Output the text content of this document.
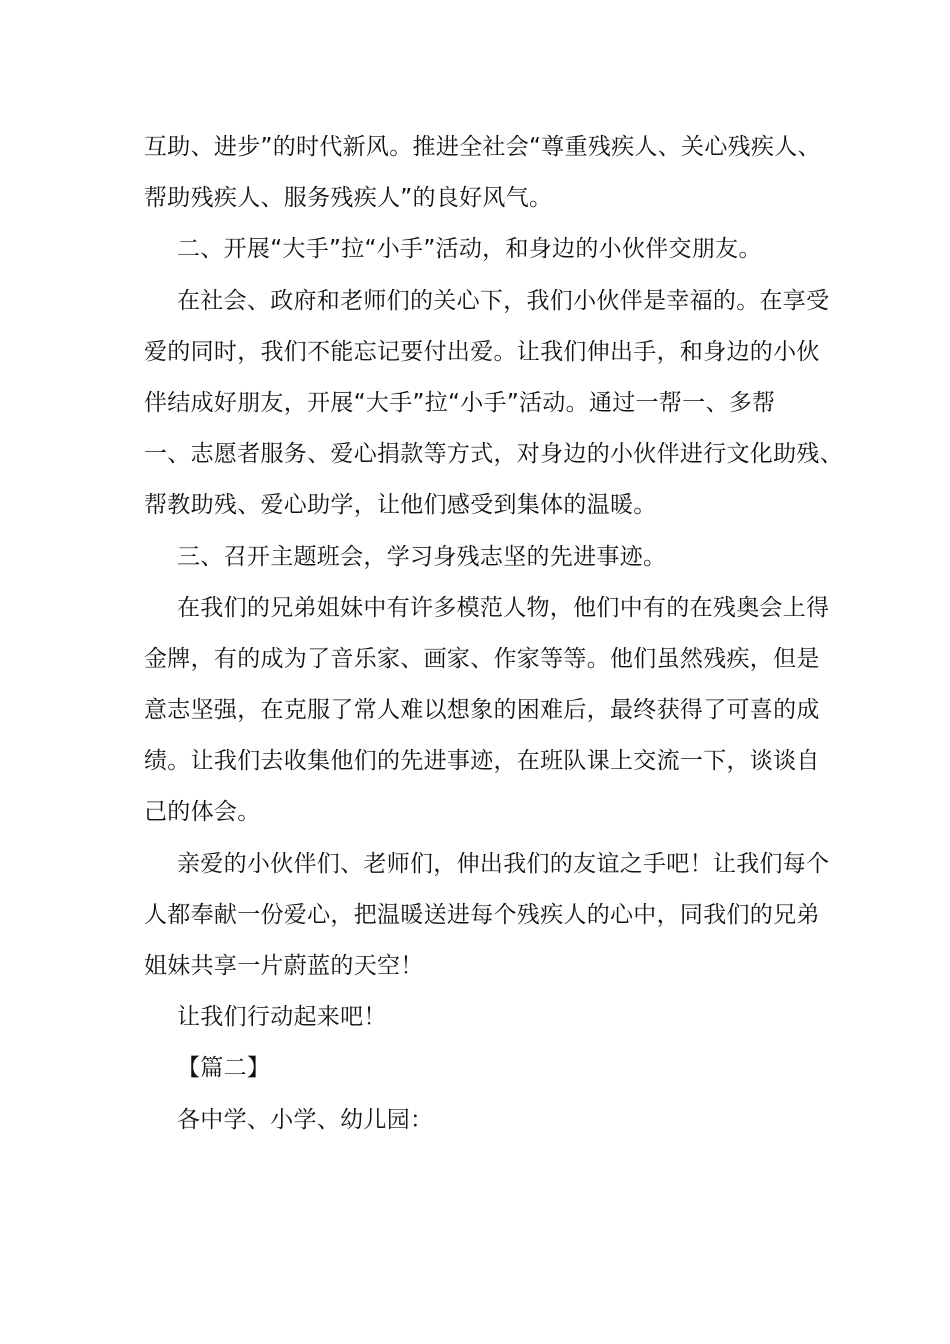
互助、进步”的时代新风。推进全社会“尊重残疾人、关心残疾人、
帮助残疾人、服务残疾人”的良好风气。
二、开展“大手”拉“小手”活动，和身边的小伙伴交朋友。
在社会、政府和老师们的关心下，我们小伙伴是幸福的。在享受
爱的同时，我们不能忘记要付出爱。让我们伸出手，和身边的小伙
伴结成好朋友，开展“大手”拉“小手”活动。通过一帮一、多帮
一、志愿者服务、爱心捐款等方式，对身边的小伙伴进行文化助残、
帮教助残、爱心助学，让他们感受到集体的温暖。
三、召开主题班会，学习身残志坚的先进事迹。
在我们的兄弟姐妹中有许多模范人物，他们中有的在残奥会上得
金牌，有的成为了音乐家、画家、作家等等。他们虽然残疾，但是
意志坚强，在克服了常人难以想象的困难后，最终获得了可喜的成
绩。让我们去收集他们的先进事迹，在班队课上交流一下，谈谈自
己的体会。
亲爱的小伙伴们、老师们，伸出我们的友谊之手吧！让我们每个
人都奉献一份爱心，把温暖送进每个残疾人的心中，同我们的兄弟
姐妹共享一片蔚蓝的天空！
让我们行动起来吧！
【篇二】
各中学、小学、幼儿园：
